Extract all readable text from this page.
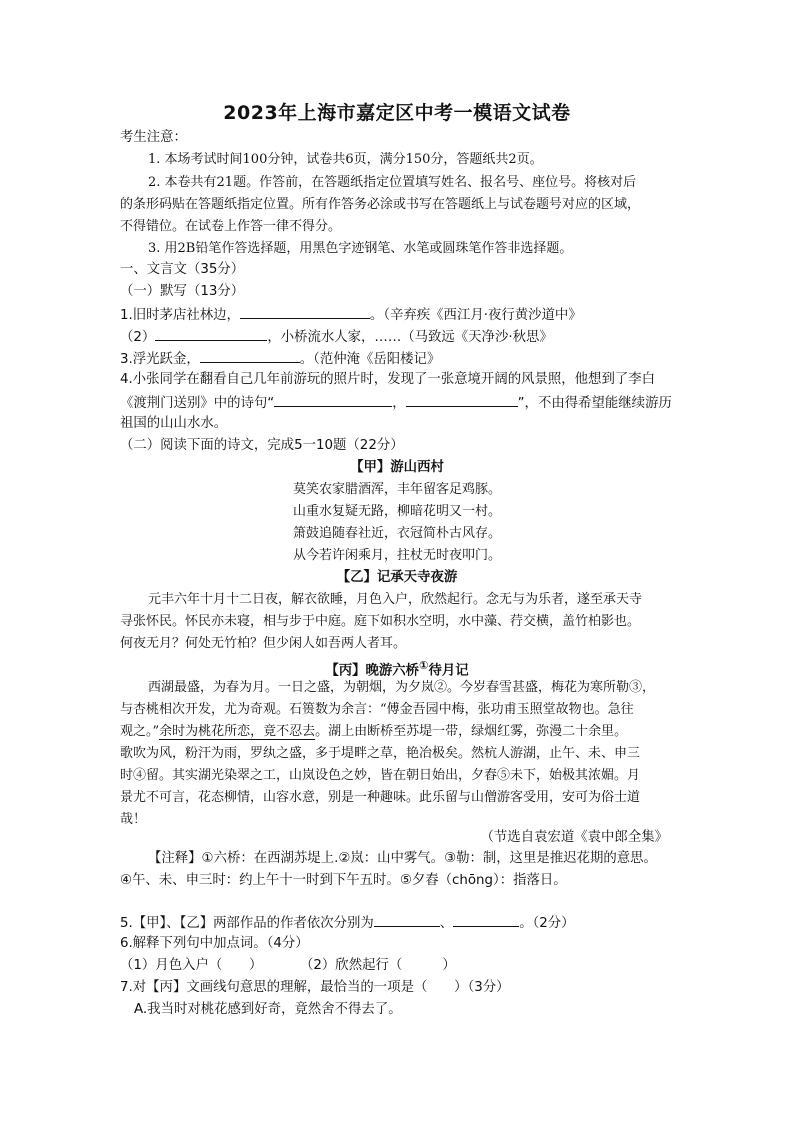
2023年上海市嘉定区中考一模语文试卷
考生注意：
1. 本场考试时间100分钟，试卷共6页，满分150分，答题纸共2页。
2. 本卷共有21题。作答前，在答题纸指定位置填写姓名、报名号、座位号。将核对后
的条形码贴在答题纸指定位置。所有作答务必涂或书写在答题纸上与试卷题号对应的区域，
不得错位。在试卷上作答一律不得分。
3. 用2B铅笔作答选择题，用黑色字迹钢笔、水笔或圆珠笔作答非选择题。
一、文言文（35分）
（一）默写（13分）
1.旧时茅店社林边，	。（辛弃疾《西江月·夜行黄沙道中》
（2）	，小桥流水人家，……（马致远《天净沙·秋思》
3.浮光跃金，	。（范仲淹《岳阳楼记》
4.小张同学在翻看自己几年前游玩的照片时，发现了一张意境开阔的风景照，他想到了李白
《渡荆门送别》中的诗句“	，	”，不由得希望能继续游历
祖国的山山水水。
（二）阅读下面的诗文，完成5一10题（22分）
【甲】游山西村
莫笑农家腊酒浑，丰年留客足鸡豚。
山重水复疑无路，柳暗花明又一村。
箫鼓追随春社近，衣冠简朴古风存。
从今若许闲乘月，拄杖无时夜叩门。
【乙】记承天寺夜游
元丰六年十月十二日夜，解衣欲睡，月色入户，欣然起行。念无与为乐者，遂至承天寺
寻张怀民。怀民亦未寝，相与步于中庭。庭下如积水空明，水中藻、荇交横，盖竹柏影也。
何夜无月？何处无竹柏？但少闲人如吾两人者耳。
【丙】晚游六桥①待月记
西湖最盛，为春为月。一日之盛，为朝烟，为夕岚②。今岁春雪甚盛，梅花为寒所勒③，
与杏桃相次开发，尤为奇观。石篑数为余言：“傅金吾园中梅，张功甫玉照堂故物也。急往
观之。”余时为桃花所恋，竟不忍去。湖上由断桥至苏堤一带，绿烟红雾，弥漫二十余里。
歌吹为风，粉汗为雨，罗纨之盛，多于堤畔之草，艳冶极矣。然杭人游湖，止午、未、申三
时④留。其实湖光染翠之工，山岚设色之妙，皆在朝日始出，夕舂⑤未下，始极其浓媚。月
景尤不可言，花态柳情，山容水意，别是一种趣味。此乐留与山僧游客受用，安可为俗士道
哉！
（节选自袁宏道《袁中郎全集》
【注释】①六桥：在西湖苏堤上.②岚：山中雾气。③勒：制，这里是推迟花期的意思。
④午、未、申三时：约上午十一时到下午五时。⑤夕舂（chōng）：指落日。
5.【甲】、【乙】两部作品的作者依次分别为	、	。（2分）
6.解释下列句中加点词。（4分）
（1）月色入户（　　）	（2）欣然起行（　　　）
7.对【丙】文画线句意思的理解，最恰当的一项是（　　）（3分）
A.我当时对桃花感到好奇，竟然舍不得去了。
